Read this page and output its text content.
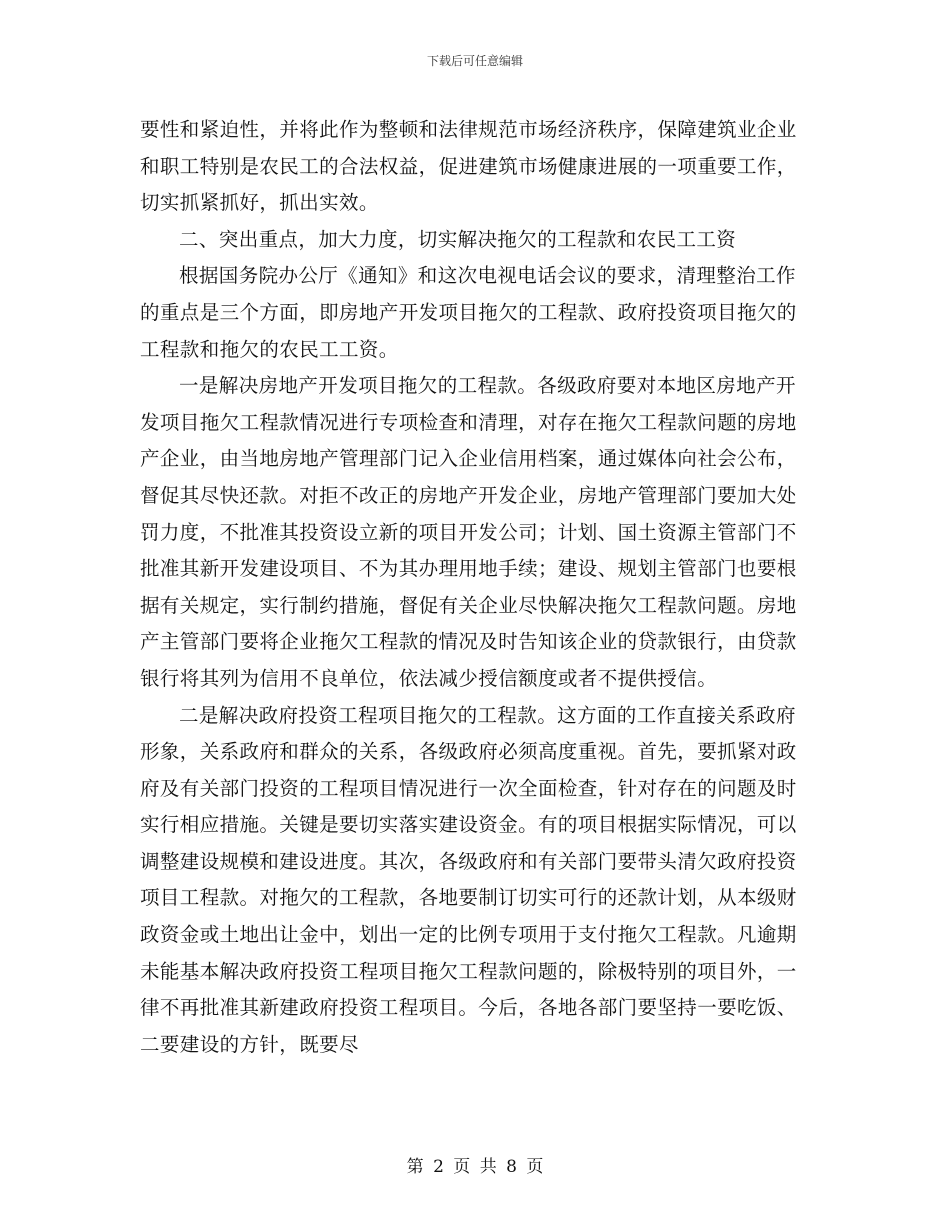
下载后可任意编辑

要性和紧迫性，并将此作为整顿和法律规范市场经济秩序，保障建筑业企业和职工特别是农民工的合法权益，促进建筑市场健康进展的一项重要工作，切实抓紧抓好，抓出实效。

二、突出重点，加大力度，切实解决拖欠的工程款和农民工工资

根据国务院办公厅《通知》和这次电视电话会议的要求，清理整治工作的重点是三个方面，即房地产开发项目拖欠的工程款、政府投资项目拖欠的工程款和拖欠的农民工工资。

一是解决房地产开发项目拖欠的工程款。各级政府要对本地区房地产开发项目拖欠工程款情况进行专项检查和清理，对存在拖欠工程款问题的房地产企业，由当地房地产管理部门记入企业信用档案，通过媒体向社会公布，督促其尽快还款。对拒不改正的房地产开发企业，房地产管理部门要加大处罚力度，不批准其投资设立新的项目开发公司；计划、国土资源主管部门不批准其新开发建设项目、不为其办理用地手续；建设、规划主管部门也要根据有关规定，实行制约措施，督促有关企业尽快解决拖欠工程款问题。房地产主管部门要将企业拖欠工程款的情况及时告知该企业的贷款银行，由贷款银行将其列为信用不良单位，依法减少授信额度或者不提供授信。

二是解决政府投资工程项目拖欠的工程款。这方面的工作直接关系政府形象，关系政府和群众的关系，各级政府必须高度重视。首先，要抓紧对政府及有关部门投资的工程项目情况进行一次全面检查，针对存在的问题及时实行相应措施。关键是要切实落实建设资金。有的项目根据实际情况，可以调整建设规模和建设进度。其次，各级政府和有关部门要带头清欠政府投资项目工程款。对拖欠的工程款，各地要制订切实可行的还款计划，从本级财政资金或土地出让金中，划出一定的比例专项用于支付拖欠工程款。凡逾期未能基本解决政府投资工程项目拖欠工程款问题的，除极特别的项目外，一律不再批准其新建政府投资工程项目。今后，各地各部门要坚持一要吃饭、二要建设的方针，既要尽

第 2 页 共 8 页
